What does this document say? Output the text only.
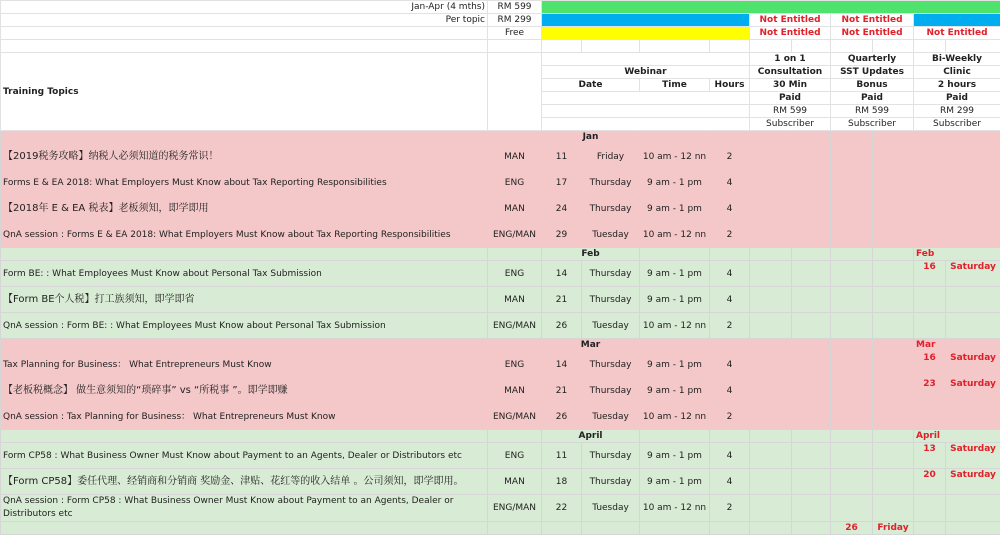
Jan-Apr (4 mths)	RM 599										
Per topic	RM 299					Not Entitled		Not Entitled			
	Free					Not Entitled		Not Entitled		Not Entitled	

Training Topics						1 on 1		Quarterly		Bi-Weekly	
		Webinar				Consultation		SST Updates		Clinic	
		Date		Time	Hours	30 Min		Bonus		2 hours	
						Paid		Paid		Paid	
						RM 599		RM 599		RM 299	
						Subscriber		Subscriber		Subscriber	
		Jan									
【2019税务攻略】纳税人必须知道的税务常识！	MAN	11	Friday	10 am - 12 nn	2						
Forms E & EA 2018: What Employers Must Know about Tax Reporting Responsibilities	ENG	17	Thursday	9 am - 1 pm	4						
【2018年 E & EA 税表】老板须知，即学即用	MAN	24	Thursday	9 am - 1 pm	4						
QnA session : Forms E & EA 2018: What Employers Must Know about Tax Reporting Responsibilities	ENG/MAN	29	Tuesday	10 am - 12 nn	2						
		Feb								Feb	
Form BE: : What Employees Must Know about Personal Tax Submission	ENG	14	Thursday	9 am - 1 pm	4					16	Saturday
【Form BE个人税】打工族须知，即学即省	MAN	21	Thursday	9 am - 1 pm	4						
QnA session : Form BE: : What Employees Must Know about Personal Tax Submission	ENG/MAN	26	Tuesday	10 am - 12 nn	2						
		Mar								Mar	
Tax Planning for Business： What Entrepreneurs Must Know	ENG	14	Thursday	9 am - 1 pm	4					16	Saturday
【老板税概念】 做生意须知的“琐碎事” vs “所税事 ”。即学即赚	MAN	21	Thursday	9 am - 1 pm	4					23	Saturday
QnA session : Tax Planning for Business： What Entrepreneurs Must Know	ENG/MAN	26	Tuesday	10 am - 12 nn	2						
		April								April	
Form CP58 : What Business Owner Must Know about Payment to an Agents, Dealer or Distributors etc	ENG	11	Thursday	9 am - 1 pm	4					13	Saturday
【Form CP58】委任代理、经销商和分销商 奖励金、津贴、花红等的收入结单 。公司须知，即学即用。	MAN	18	Thursday	9 am - 1 pm	4					20	Saturday
QnA session : Form CP58 : What Business Owner Must Know about Payment to an Agents, Dealer or Distributors etc	ENG/MAN	22	Tuesday	10 am - 12 nn	2						
								26	Friday		
